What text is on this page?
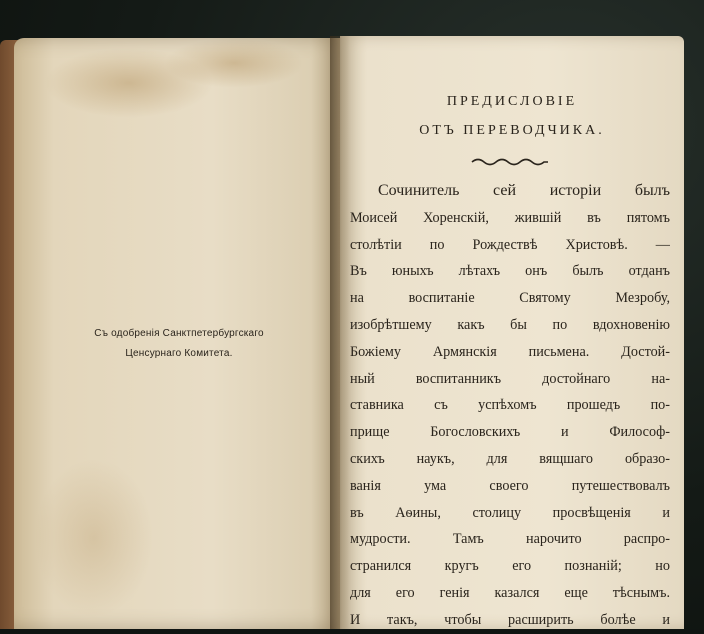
Съ одобренія Санктпетербургскаго
Ценсурнаго Комитета.
ПРЕДИСЛОВІЕ
ОТЪ ПЕРЕВОДЧИКА.
Сочинитель сей исторіи былъ
Моисей Хоренскій, жившій въ пятомъ
столѣтіи по Рождествѣ Христовѣ. —
Въ юныхъ лѣтахъ онъ былъ отданъ
на воспитаніе Святому Мезробу,
изобрѣтшему какъ бы по вдохновенію
Божіему Армянскія письмена. Достой-
ный воспитанникъ достойнаго на-
ставника съ успѣхомъ прошедъ по-
прище Богословскихъ и Философ-
скихъ наукъ, для вящшаго образо-
ванія ума своего путешествовалъ
въ Аѳины, столицу просвѣщенія и
мудрости. Тамъ нарочито распро-
странился кругъ его познаній; но
для его генія казался еще тѣснымъ.
И такъ, чтобы расширить болѣе и
